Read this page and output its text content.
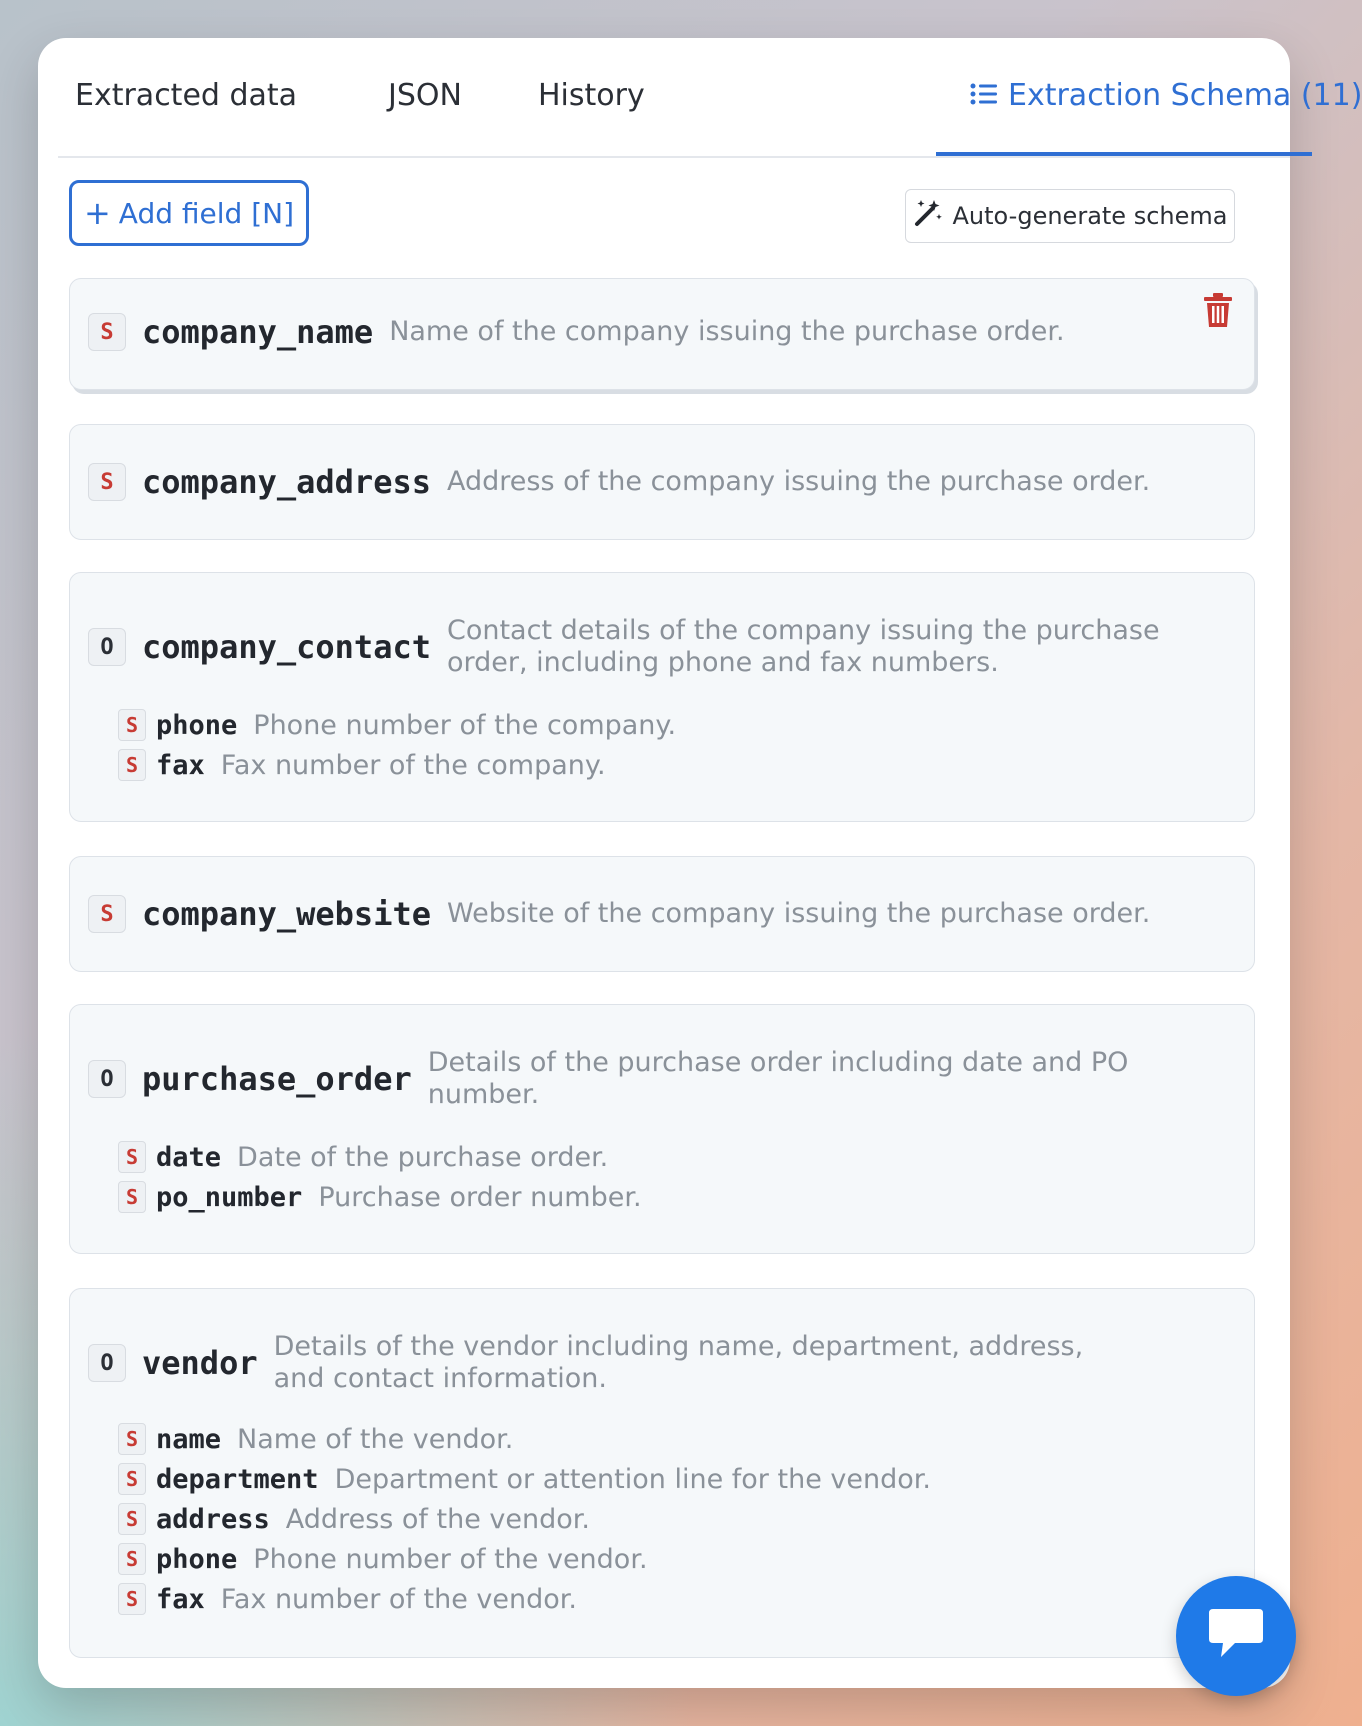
Extracted data	JSON	History	Extraction Schema (11)
+ Add field [N]	Auto-generate schema
S company_name Name of the company issuing the purchase order.
S company_address Address of the company issuing the purchase order.
O company_contact Contact details of the company issuing the purchase order, including phone and fax numbers.
S phone Phone number of the company.
S fax Fax number of the company.
S company_website Website of the company issuing the purchase order.
O purchase_order Details of the purchase order including date and PO number.
S date Date of the purchase order.
S po_number Purchase order number.
O vendor Details of the vendor including name, department, address, and contact information.
S name Name of the vendor.
S department Department or attention line for the vendor.
S address Address of the vendor.
S phone Phone number of the vendor.
S fax Fax number of the vendor.
